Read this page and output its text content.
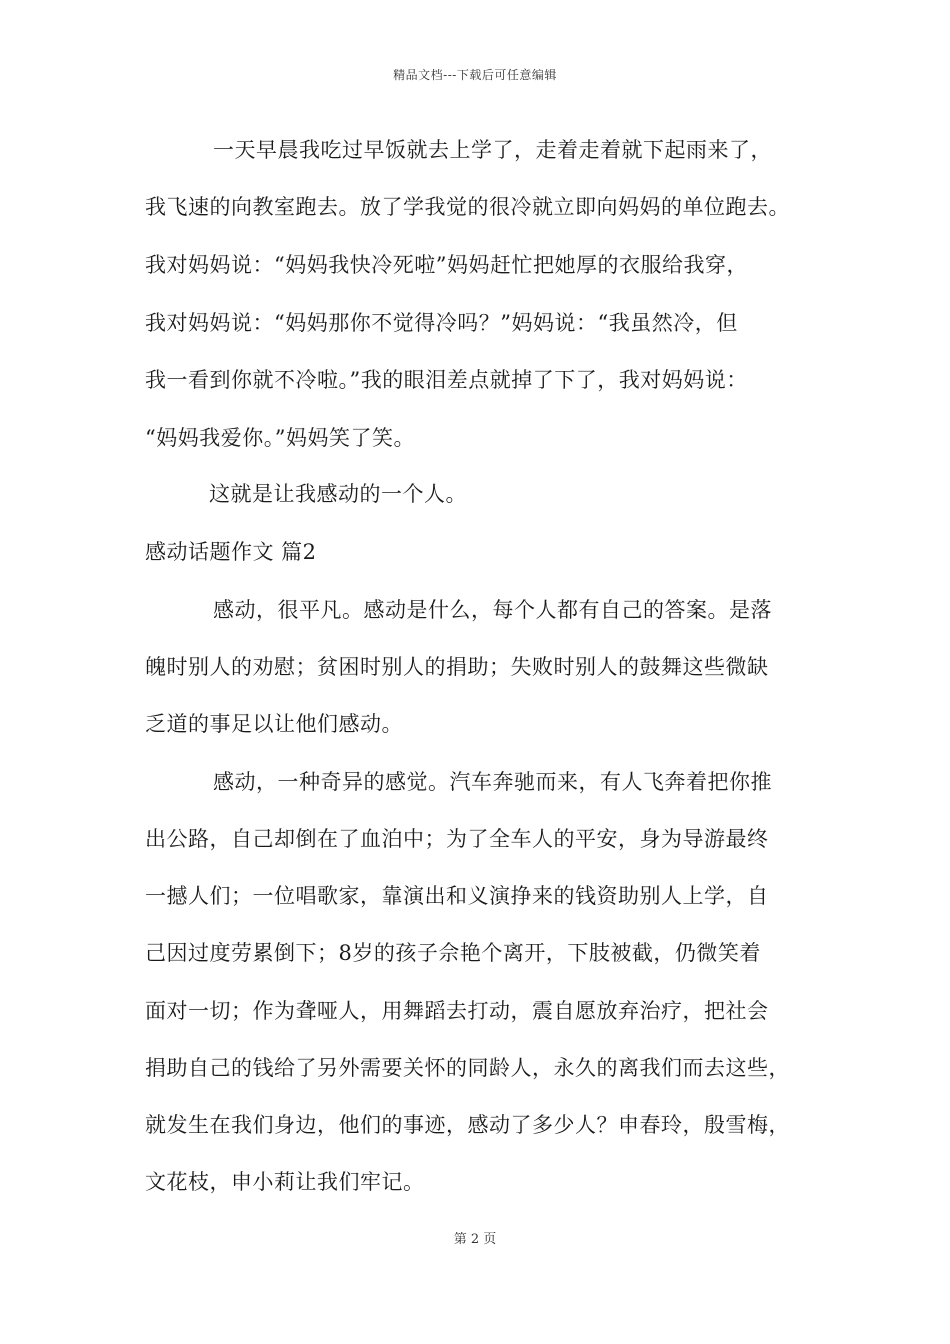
精品文档---下载后可任意编辑
一天早晨我吃过早饭就去上学了，走着走着就下起雨来了，
我飞速的向教室跑去。放了学我觉的很冷就立即向妈妈的单位跑去。
我对妈妈说：“妈妈我快冷死啦”妈妈赶忙把她厚的衣服给我穿，
我对妈妈说：“妈妈那你不觉得冷吗？”妈妈说：“我虽然冷，但
我一看到你就不冷啦。”我的眼泪差点就掉了下了，我对妈妈说：
“妈妈我爱你。”妈妈笑了笑。
这就是让我感动的一个人。
感动话题作文 篇2
感动，很平凡。感动是什么，每个人都有自己的答案。是落
魄时别人的劝慰；贫困时别人的捐助；失败时别人的鼓舞这些微缺
乏道的事足以让他们感动。
感动，一种奇异的感觉。汽车奔驰而来，有人飞奔着把你推
出公路，自己却倒在了血泊中；为了全车人的平安，身为导游最终
一撼人们；一位唱歌家，靠演出和义演挣来的钱资助别人上学，自
己因过度劳累倒下；8岁的孩子佘艳个离开，下肢被截，仍微笑着
面对一切；作为聋哑人，用舞蹈去打动，震自愿放弃治疗，把社会
捐助自己的钱给了另外需要关怀的同龄人，永久的离我们而去这些，
就发生在我们身边，他们的事迹，感动了多少人？申春玲，殷雪梅，
文花枝，申小莉让我们牢记。
第 2 页
